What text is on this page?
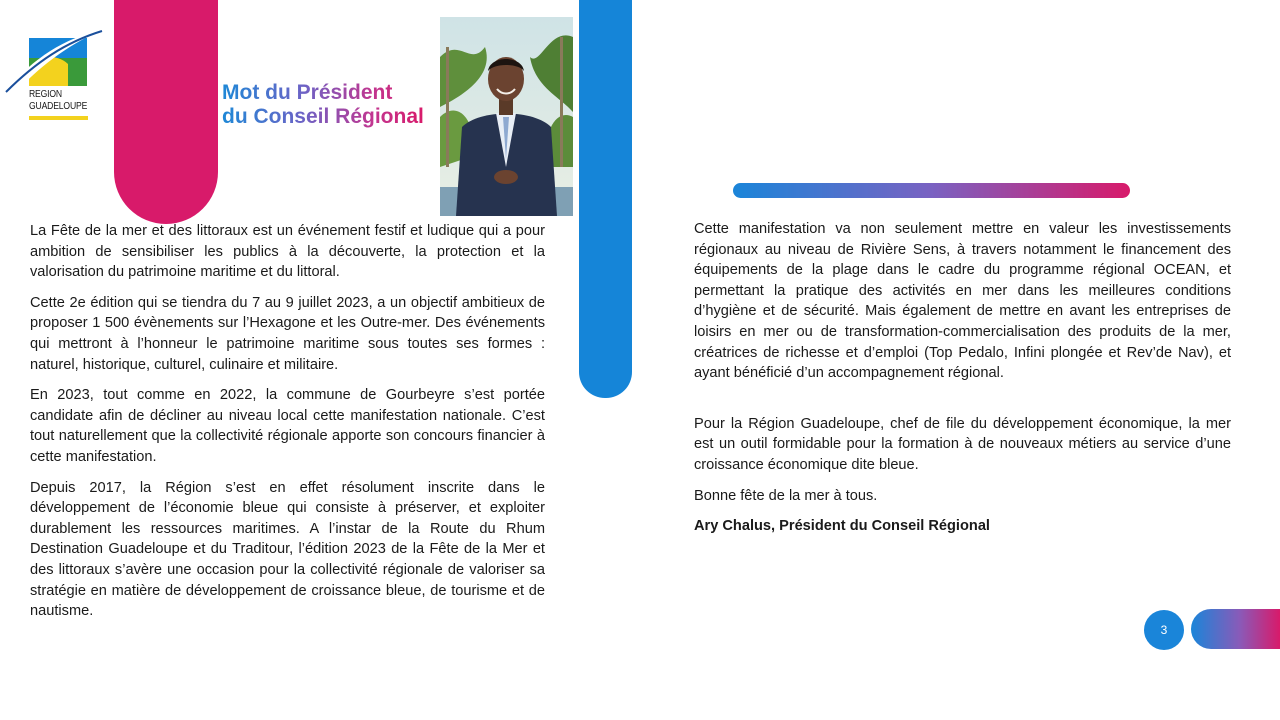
REGION
GUADELOUPE
Mot du Président
du Conseil Régional

La Fête de la mer et des littoraux est un événement festif et ludique qui a pour ambition de sensibiliser les publics à la découverte, la protection et la valorisation du patrimoine maritime et du littoral.

Cette 2e édition qui se tiendra du 7 au 9 juillet 2023, a un objectif ambitieux de proposer 1 500 évènements sur l’Hexagone et les Outre-mer. Des événements qui mettront à l’honneur le patrimoine maritime sous toutes ses formes : naturel, historique, culturel, culinaire et militaire.

En 2023, tout comme en 2022, la commune de Gourbeyre s’est portée candidate afin de décliner au niveau local cette manifestation nationale. C’est tout naturellement que la collectivité régionale apporte son concours financier à cette manifestation.

Depuis 2017, la Région s’est en effet résolument inscrite dans le développement de l’économie bleue qui consiste à préserver, et exploiter durablement les ressources maritimes. A l’instar de la Route du Rhum Destination Guadeloupe et du Traditour, l’édition 2023 de la Fête de la Mer et des littoraux s’avère une occasion pour la collectivité régionale de valoriser sa stratégie en matière de développement de croissance bleue, de tourisme et de nautisme.

Cette manifestation va non seulement mettre en valeur les investissements régionaux au niveau de Rivière Sens, à travers notamment le financement des équipements de la plage dans le cadre du programme régional OCEAN, et permettant la pratique des activités en mer dans les meilleures conditions d’hygiène et de sécurité. Mais également de mettre en avant les entreprises de loisirs en mer ou de transformation-commercialisation des produits de la mer, créatrices de richesse et d’emploi (Top Pedalo, Infini plongée et Rev’de Nav), et ayant bénéficié d’un accompagnement régional.

Pour la Région Guadeloupe, chef de file du développement économique, la mer est un outil formidable pour la formation à de nouveaux métiers au service d’une croissance économique dite bleue.

Bonne fête de la mer à tous.

Ary Chalus, Président du Conseil Régional

3
